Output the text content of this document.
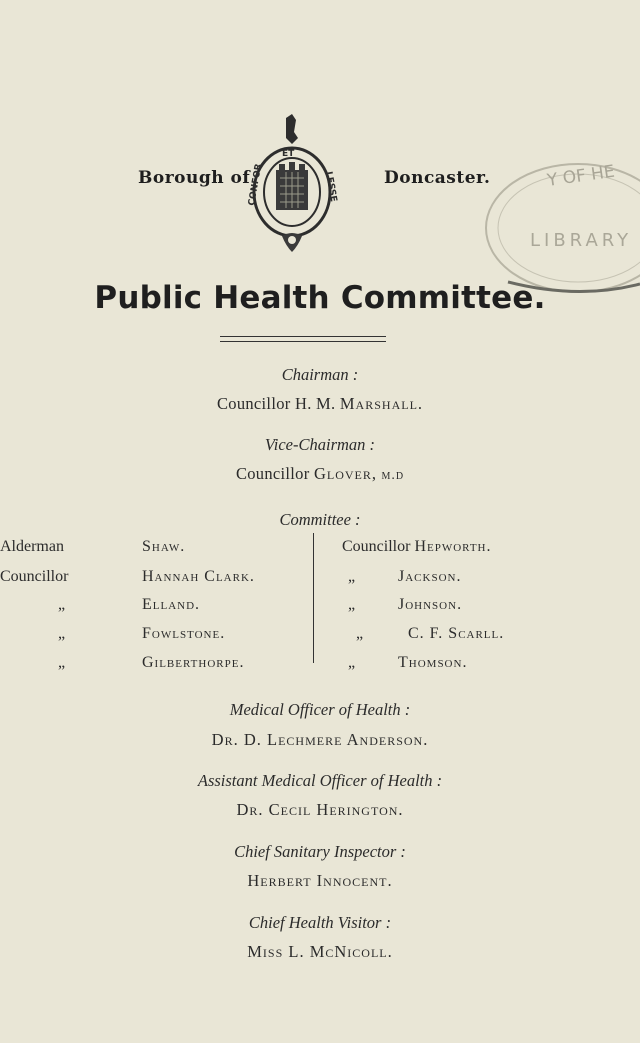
Borough of
CONFOR
ET
LESSE	Doncaster.	Y OF HE
LIBRARY
Public Health Committee.
Chairman :
Councillor H. M. Marshall.
Vice-Chairman :
Councillor Glover, m.d
Committee :
Alderman	Shaw.
Councillor	Hannah Clark.
„	Elland.
„	Fowlstone.
„	Gilberthorpe.
Councillor Hepworth.
„	Jackson.
„	Johnson.
„	C. F. Scarll.
„	Thomson.
Medical Officer of Health :
Dr. D. Lechmere Anderson.
Assistant Medical Officer of Health :
Dr. Cecil Herington.
Chief Sanitary Inspector :
Herbert Innocent.
Chief Health Visitor :
Miss L. McNicoll.
